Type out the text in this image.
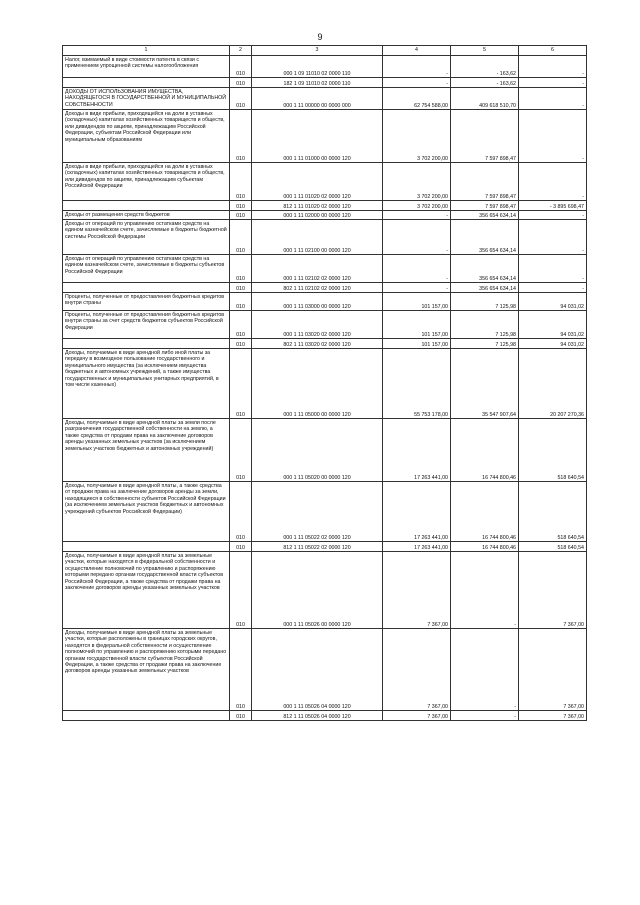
9
1	2	3	4	5	6
Налог, взимаемый в виде стоимости патента в связи с применением упрощенной системы налогообложения	010	000 1 09 11010 02 0000 110	-	- 163,62	-
	010	182 1 09 11010 02 0000 110	-	- 163,62	-
ДОХОДЫ ОТ ИСПОЛЬЗОВАНИЯ ИМУЩЕСТВА, НАХОДЯЩЕГОСЯ В ГОСУДАРСТВЕННОЙ И МУНИЦИПАЛЬНОЙ СОБСТВЕННОСТИ	010	000 1 11 00000 00 0000 000	62 754 588,00	409 618 510,70	-
Доходы в виде прибыли, приходящейся на доли в уставных (складочных) капиталах хозяйственных товариществ и обществ, или дивидендов по акциям, принадлежащим Российской Федерации, субъектам Российской Федерации или муниципальным образованиям	010	000 1 11 01000 00 0000 120	3 702 200,00	7 597 898,47	-
Доходы в виде прибыли, приходящейся на доли в уставных (складочных) капиталах хозяйственных товариществ и обществ, или дивидендов по акциям, принадлежащим субъектам Российской Федерации	010	000 1 11 01020 02 0000 120	3 702 200,00	7 597 898,47	-
	010	812 1 11 01020 02 0000 120	3 702 200,00	7 597 898,47	- 3 895 698,47
Доходы от размещения средств бюджетов	010	000 1 11 02000 00 0000 120	-	356 654 634,14	-
Доходы от операций по управлению остатками средств на едином казначейском счете, зачисляемые в бюджеты бюджетной системы Российской Федерации	010	000 1 11 02100 00 0000 120	-	356 654 634,14	-
Доходы от операций по управлению остатками средств на едином казначейском счете, зачисляемые в бюджеты субъектов Российской Федерации	010	000 1 11 02102 02 0000 120	-	356 654 634,14	-
	010	802 1 11 02102 02 0000 120	-	356 654 634,14	-
Проценты, полученные от предоставления бюджетных кредитов внутри страны	010	000 1 11 03000 00 0000 120	101 157,00	7 125,98	94 031,02
Проценты, полученные от предоставления бюджетных кредитов внутри страны за счет средств бюджетов субъектов Российской Федерации	010	000 1 11 03020 02 0000 120	101 157,00	7 125,98	94 031,02
	010	802 1 11 03020 02 0000 120	101 157,00	7 125,98	94 031,02
Доходы, получаемые в виде арендной либо иной платы за передачу в возмездное пользование государственного и муниципального имущества (за исключением имущества бюджетных и автономных учреждений, а также имущества государственных и муниципальных унитарных предприятий, в том числе казенных)	010	000 1 11 05000 00 0000 120	55 753 178,00	35 547 907,64	20 207 270,36
Доходы, получаемые в виде арендной платы за земли после разграничения государственной собственности на землю, а также средства от продажи права на заключение договоров аренды указанных земельных участков (за исключением земельных участков бюджетных и автономных учреждений)	010	000 1 11 05020 00 0000 120	17 263 441,00	16 744 800,46	518 640,54
Доходы, получаемые в виде арендной платы, а также средства от продажи права на заключение договоров аренды за земли, находящиеся в собственности субъектов Российской Федерации (за исключением земельных участков бюджетных и автономных учреждений субъектов Российской Федерации)	010	000 1 11 05022 02 0000 120	17 263 441,00	16 744 800,46	518 640,54
	010	812 1 11 05022 02 0000 120	17 263 441,00	16 744 800,46	518 640,54
Доходы, получаемые в виде арендной платы за земельные участки, которые находятся в федеральной собственности и осуществление полномочий по управлению и распоряжению которыми передано органам государственной власти субъектов Российской Федерации, а также средства от продажи права на заключение договоров аренды указанных земельных участков	010	000 1 11 05026 00 0000 120	7 367,00	-	7 367,00
Доходы, получаемые в виде арендной платы за земельные участки, которые расположены в границах городских округов, находятся в федеральной собственности и осуществление полномочий по управлению и распоряжению которыми передано органам государственной власти субъектов Российской Федерации, а также средства от продажи права на заключение договоров аренды указанных земельных участков	010	000 1 11 05026 04 0000 120	7 367,00	-	7 367,00
	010	812 1 11 05026 04 0000 120	7 367,00	-	7 367,00
